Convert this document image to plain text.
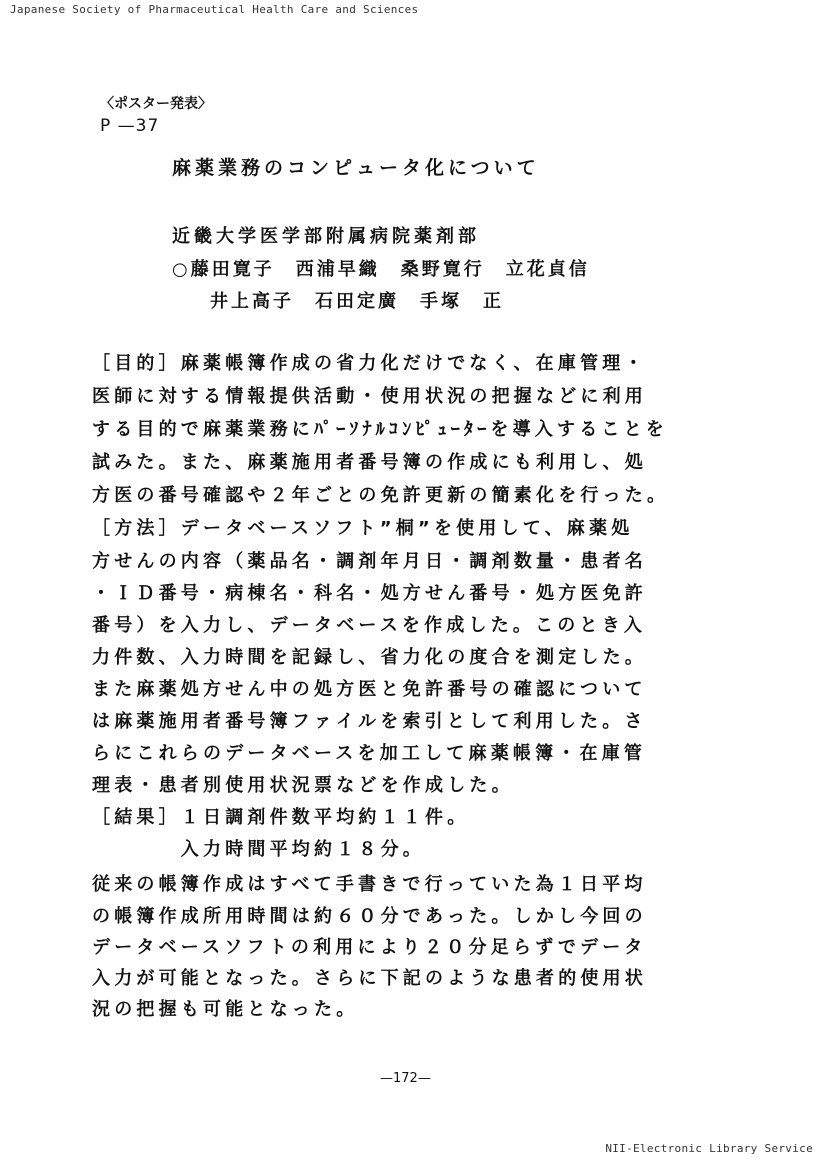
Japanese Society of Pharmaceutical Health Care and Sciences
〈ポスター発表〉
P —37
麻薬業務のコンピュータ化について
近畿大学医学部附属病院薬剤部
○藤田寛子　西浦早織　桑野寛行　立花貞信
井上高子　石田定廣　手塚　正
［目的］麻薬帳簿作成の省力化だけでなく、在庫管理・
医師に対する情報提供活動・使用状況の把握などに利用
する目的で麻薬業務にﾊﾟｰｿﾅﾙｺﾝﾋﾟｭｰﾀｰを導入することを
試みた。また、麻薬施用者番号簿の作成にも利用し、処
方医の番号確認や２年ごとの免許更新の簡素化を行った。
［方法］データベースソフト”桐”を使用して、麻薬処
方せんの内容（薬品名・調剤年月日・調剤数量・患者名
・ＩＤ番号・病棟名・科名・処方せん番号・処方医免許
番号）を入力し、データベースを作成した。このとき入
力件数、入力時間を記録し、省力化の度合を測定した。
また麻薬処方せん中の処方医と免許番号の確認について
は麻薬施用者番号簿ファイルを索引として利用した。さ
らにこれらのデータベースを加工して麻薬帳簿・在庫管
理表・患者別使用状況票などを作成した。
［結果］１日調剤件数平均約１１件。
　　　　入力時間平均約１８分。
従来の帳簿作成はすべて手書きで行っていた為１日平均
の帳簿作成所用時間は約６０分であった。しかし今回の
データベースソフトの利用により２０分足らずでデータ
入力が可能となった。さらに下記のような患者的使用状
況の把握も可能となった。
—172—
NII-Electronic Library Service
